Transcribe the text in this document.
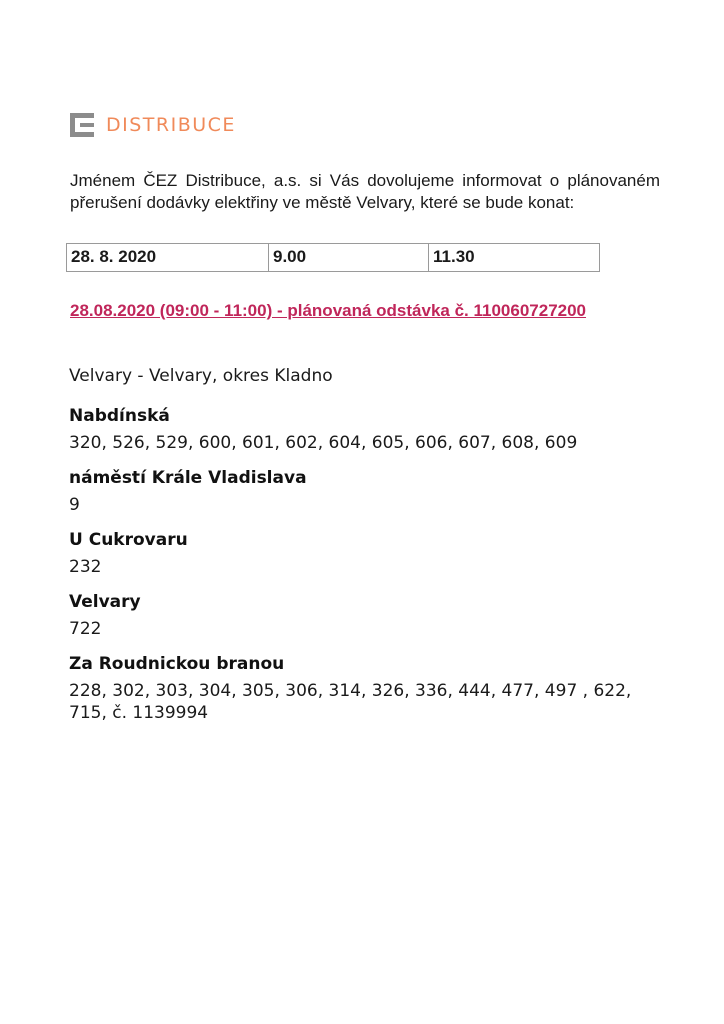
DISTRIBUCE
Jménem ČEZ Distribuce, a.s. si Vás dovolujeme informovat o plánovaném přerušení dodávky elektřiny ve městě Velvary, které se bude konat:
28. 8. 2020	9.00	11.30
28.08.2020 (09:00 - 11:00) - plánovaná odstávka č. 110060727200
Velvary - Velvary, okres Kladno
Nabdínská
320, 526, 529, 600, 601, 602, 604, 605, 606, 607, 608, 609
náměstí Krále Vladislava
9
U Cukrovaru
232
Velvary
722
Za Roudnickou branou
228, 302, 303, 304, 305, 306, 314, 326, 336, 444, 477, 497 , 622, 715, č. 1139994
